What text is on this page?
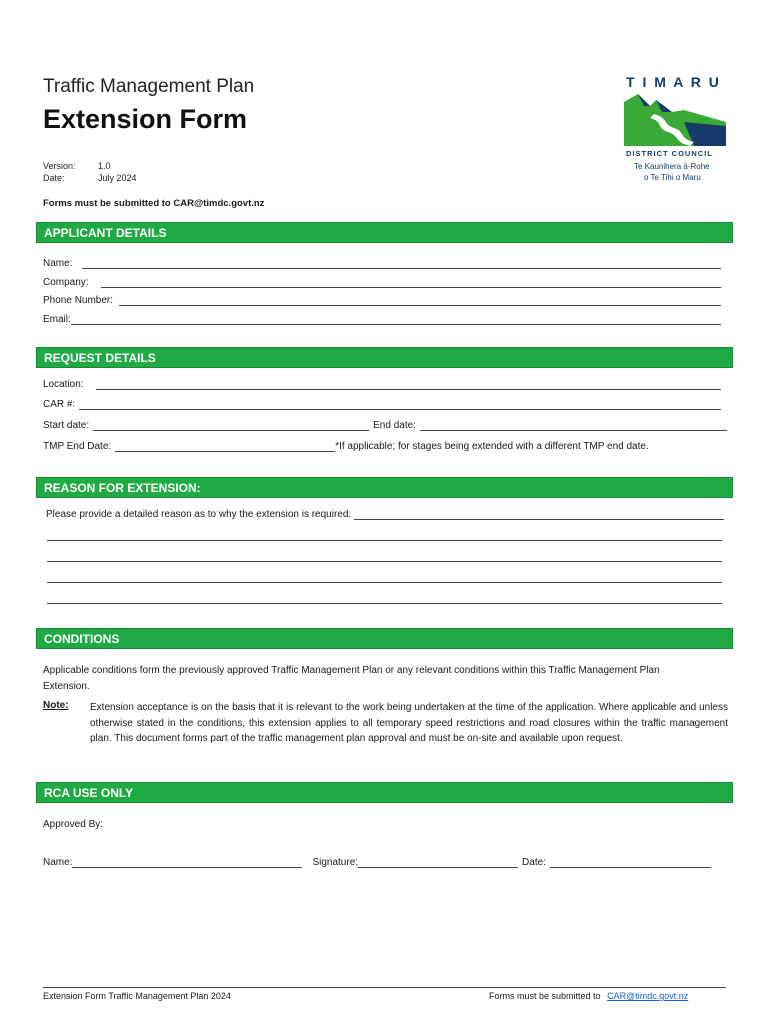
Traffic Management Plan
Extension Form
Version: 1.0
Date:	July 2024
Forms must be submitted to CAR@timdc.govt.nz
T I M A R U
DISTRICT COUNCIL
Te Kaunihera ā-Rohe
o Te Tihi o Maru
APPLICANT DETAILS
Name:
Company:
Phone Number:
Email:
REQUEST DETAILS
Location:
CAR #:
Start date:	End date:
TMP End Date:	*If applicable; for stages being extended with a different TMP end date.
REASON FOR EXTENSION:
Please provide a detailed reason as to why the extension is required:
CONDITIONS
Applicable conditions form the previously approved Traffic Management Plan or any relevant conditions within this Traffic Management Plan Extension.
Note: Extension acceptance is on the basis that it is relevant to the work being undertaken at the time of the application. Where applicable and unless otherwise stated in the conditions, this extension applies to all temporary speed restrictions and road closures within the traffic management plan. This document forms part of the traffic management plan approval and must be on-site and available upon request.
RCA USE ONLY
Approved By:
Name:	Signature:	Date:
Extension Form Traffic Management Plan 2024	Forms must be submitted to CAR@timdc.govt.nz
